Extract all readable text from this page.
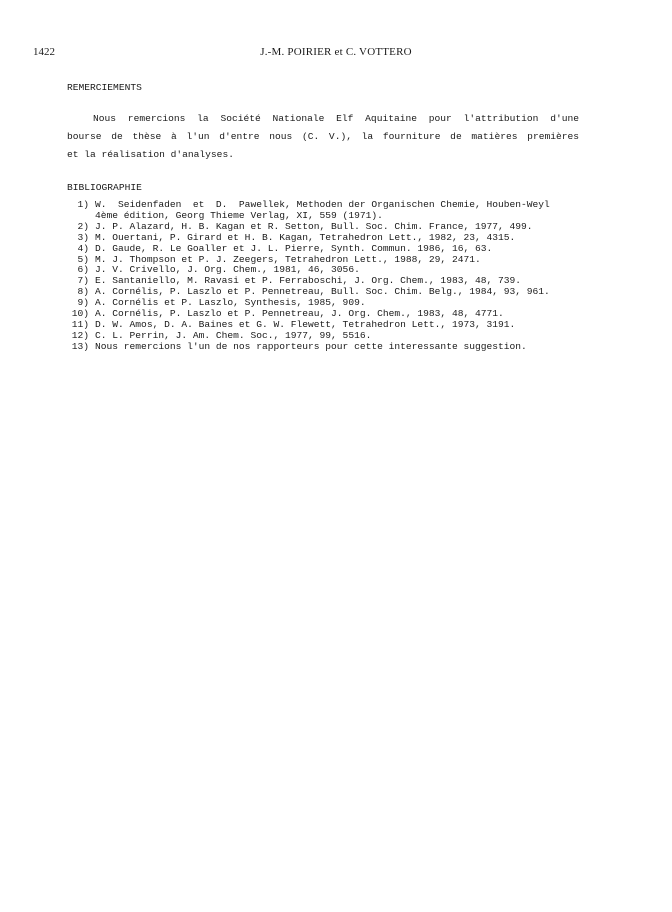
1422	J.-M. POIRIER et C. VOTTERO
REMERCIEMENTS
Nous remercions la Société Nationale Elf Aquitaine pour l'attribution d'une
bourse de thèse à l'un d'entre nous (C. V.), la fourniture de matières premières
et la réalisation d'analyses.
BIBLIOGRAPHIE
1) W.  Seidenfaden  et  D.  Pawellek, Methoden der Organischen Chemie, Houben-Weyl
4ème édition, Georg Thieme Verlag, XI, 559 (1971).
2) J. P. Alazard, H. B. Kagan et R. Setton, Bull. Soc. Chim. France, 1977, 499.
3) M. Ouertani, P. Girard et H. B. Kagan, Tetrahedron Lett., 1982, 23, 4315.
4) D. Gaude, R. Le Goaller et J. L. Pierre, Synth. Commun. 1986, 16, 63.
5) M. J. Thompson et P. J. Zeegers, Tetrahedron Lett., 1988, 29, 2471.
6) J. V. Crivello, J. Org. Chem., 1981, 46, 3056.
7) E. Santaniello, M. Ravasi et P. Ferraboschi, J. Org. Chem., 1983, 48, 739.
8) A. Cornélis, P. Laszlo et P. Pennetreau, Bull. Soc. Chim. Belg., 1984, 93, 961.
9) A. Cornélis et P. Laszlo, Synthesis, 1985, 909.
10) A. Cornélis, P. Laszlo et P. Pennetreau, J. Org. Chem., 1983, 48, 4771.
11) D. W. Amos, D. A. Baines et G. W. Flewett, Tetrahedron Lett., 1973, 3191.
12) C. L. Perrin, J. Am. Chem. Soc., 1977, 99, 5516.
13) Nous remercions l'un de nos rapporteurs pour cette interessante suggestion.
